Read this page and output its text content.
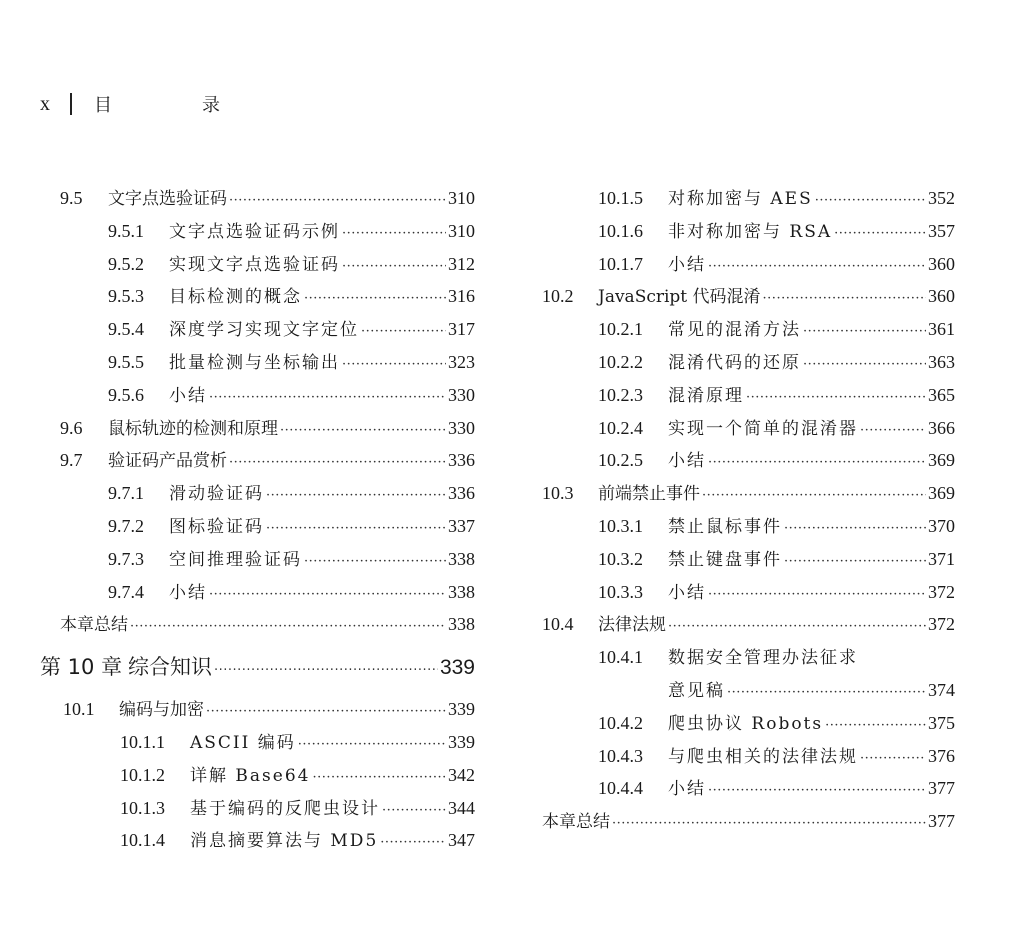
x 目　录
9.5	文字点选验证码 ·····	310
9.5.1	文字点选验证码示例 ·····	310
9.5.2	实现文字点选验证码 ·····	312
9.5.3	目标检测的概念 ·····	316
9.5.4	深度学习实现文字定位 ·····	317
9.5.5	批量检测与坐标输出 ·····	323
9.5.6	小结 ·····	330
9.6	鼠标轨迹的检测和原理 ·····	330
9.7	验证码产品赏析 ·····	336
9.7.1	滑动验证码 ·····	336
9.7.2	图标验证码 ·····	337
9.7.3	空间推理验证码 ·····	338
9.7.4	小结 ·····	338
本章总结 ·····	338
第 10 章 综合知识 ·····	339
10.1	编码与加密 ·····	339
10.1.1	ASCII 编码 ·····	339
10.1.2	详解 Base64 ·····	342
10.1.3	基于编码的反爬虫设计 ·····	344
10.1.4	消息摘要算法与 MD5 ·····	347
10.1.5	对称加密与 AES ·····	352
10.1.6	非对称加密与 RSA ·····	357
10.1.7	小结 ·····	360
10.2	JavaScript 代码混淆 ·····	360
10.2.1	常见的混淆方法 ·····	361
10.2.2	混淆代码的还原 ·····	363
10.2.3	混淆原理 ·····	365
10.2.4	实现一个简单的混淆器 ·····	366
10.2.5	小结 ·····	369
10.3	前端禁止事件 ·····	369
10.3.1	禁止鼠标事件 ·····	370
10.3.2	禁止键盘事件 ·····	371
10.3.3	小结 ·····	372
10.4	法律法规 ·····	372
10.4.1	数据安全管理办法征求
意见稿 ·····	374
10.4.2	爬虫协议 Robots ·····	375
10.4.3	与爬虫相关的法律法规 ·····	376
10.4.4	小结 ·····	377
本章总结 ·····	377
